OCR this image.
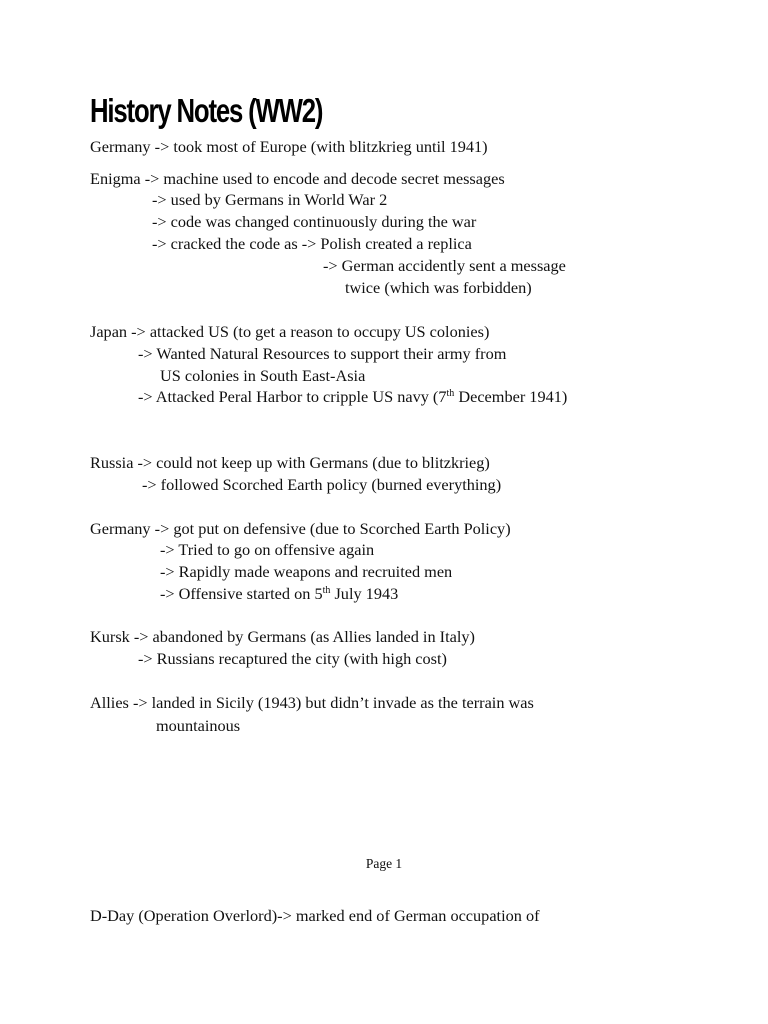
History Notes (WW2)
Germany -> took most of Europe (with blitzkrieg until 1941)
Enigma -> machine used to encode and decode secret messages
-> used by Germans in World War 2
-> code was changed continuously during the war
-> cracked the code as -> Polish created a replica
-> German accidently sent a message
twice (which was forbidden)
Japan -> attacked US (to get a reason to occupy US colonies)
-> Wanted Natural Resources to support their army from
US colonies in South East-Asia
-> Attacked Peral Harbor to cripple US navy (7th December 1941)
Russia -> could not keep up with Germans (due to blitzkrieg)
-> followed Scorched Earth policy (burned everything)
Germany -> got put on defensive (due to Scorched Earth Policy)
-> Tried to go on offensive again
-> Rapidly made weapons and recruited men
-> Offensive started on 5th July 1943
Kursk -> abandoned by Germans (as Allies landed in Italy)
-> Russians recaptured the city (with high cost)
Allies -> landed in Sicily (1943) but didn’t invade as the terrain was
mountainous
Page 1
D-Day (Operation Overlord)-> marked end of German occupation of
